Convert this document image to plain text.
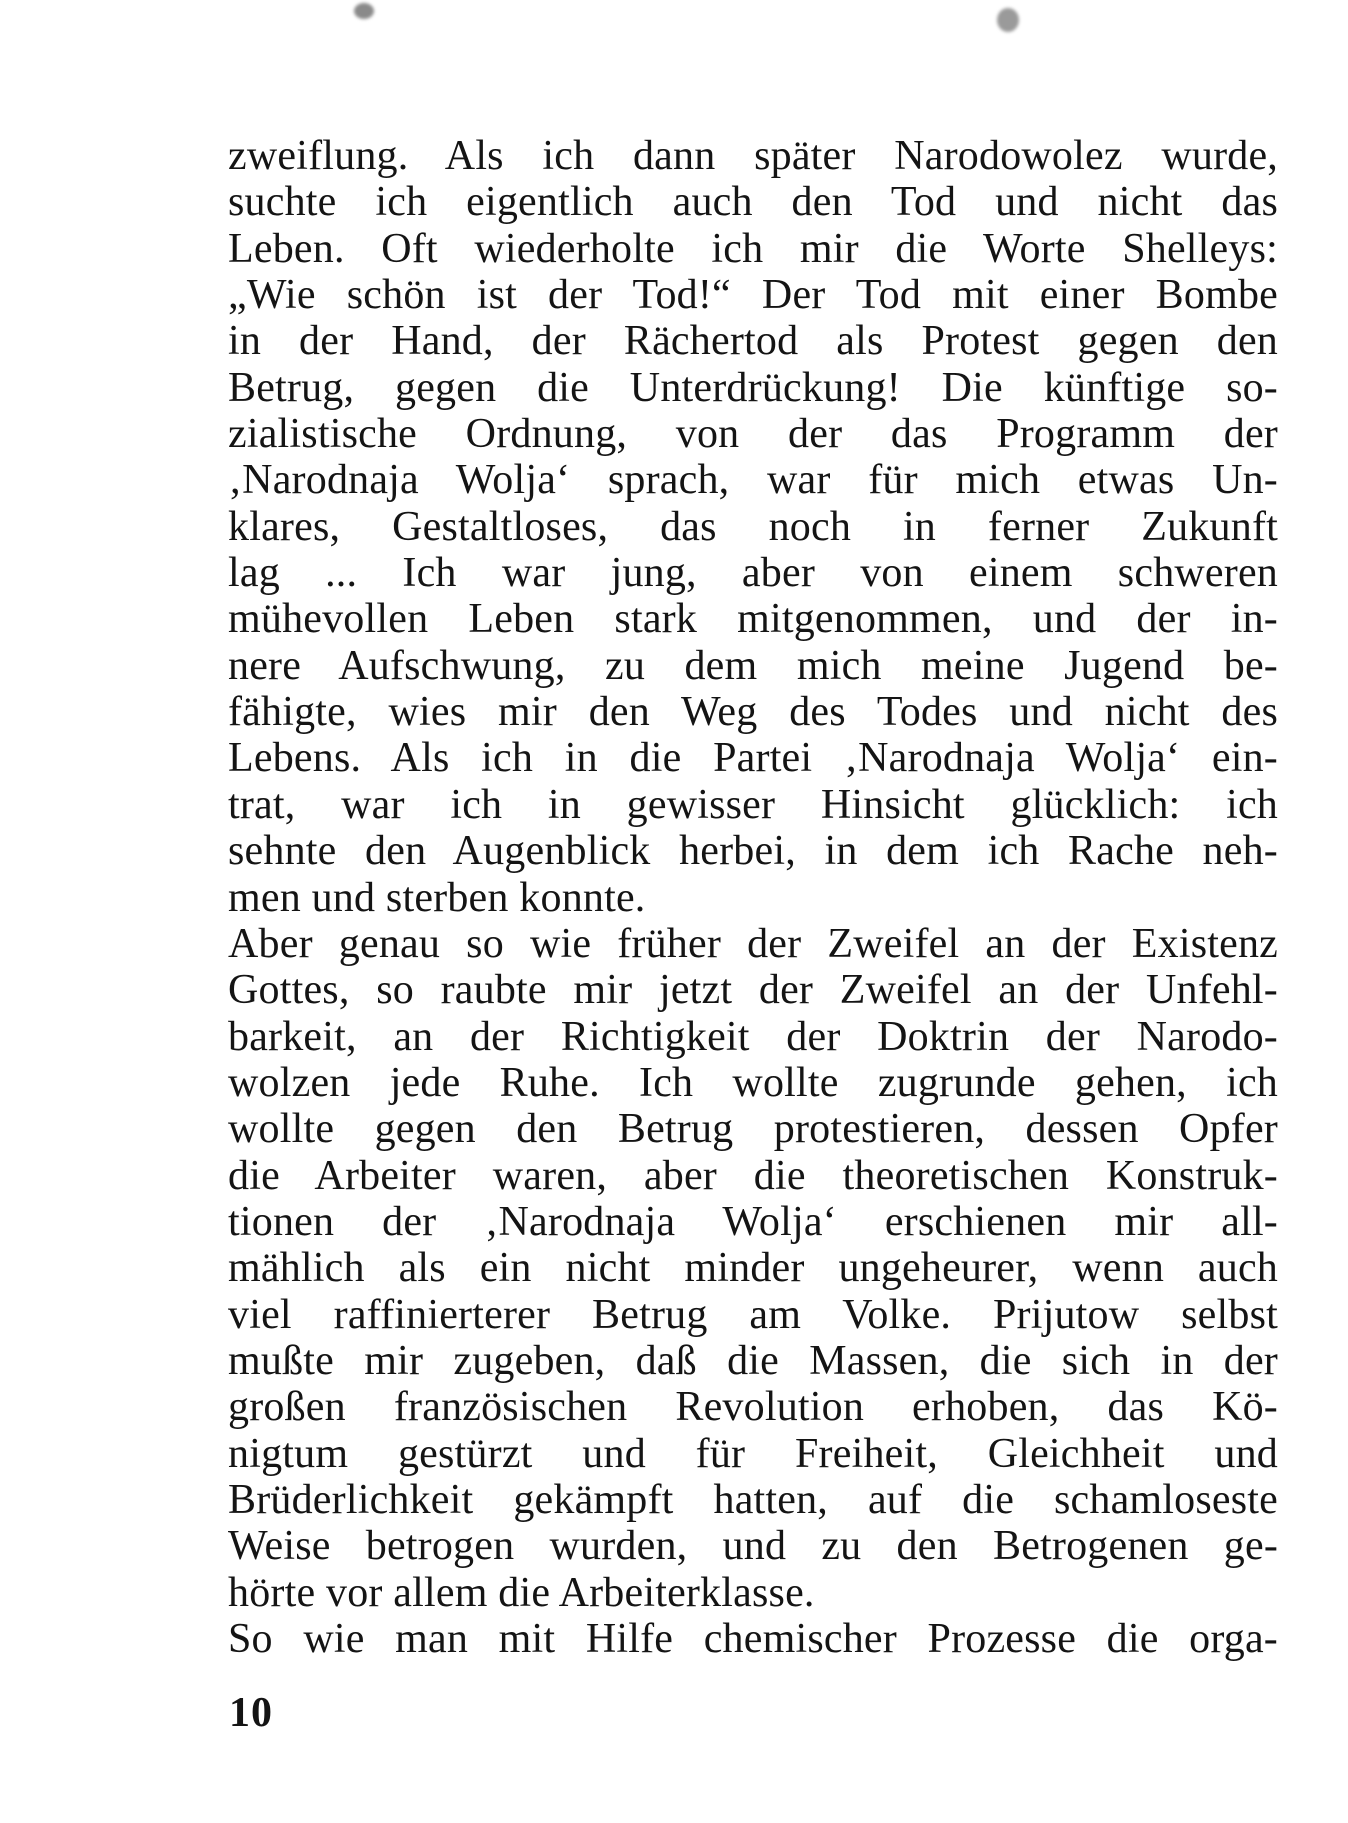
zweiflung. Als ich dann später Narodowolez wurde,
suchte ich eigentlich auch den Tod und nicht das
Leben. Oft wiederholte ich mir die Worte Shelleys:
„Wie schön ist der Tod!“ Der Tod mit einer Bombe
in der Hand, der Rächertod als Protest gegen den
Betrug, gegen die Unterdrückung! Die künftige so-
zialistische Ordnung, von der das Programm der
‚Narodnaja Wolja‘ sprach, war für mich etwas Un-
klares, Gestaltloses, das noch in ferner Zukunft
lag ... Ich war jung, aber von einem schweren
mühevollen Leben stark mitgenommen, und der in-
nere Aufschwung, zu dem mich meine Jugend be-
fähigte, wies mir den Weg des Todes und nicht des
Lebens. Als ich in die Partei ‚Narodnaja Wolja‘ ein-
trat, war ich in gewisser Hinsicht glücklich: ich
sehnte den Augenblick herbei, in dem ich Rache neh-
men und sterben konnte.
Aber genau so wie früher der Zweifel an der Existenz
Gottes, so raubte mir jetzt der Zweifel an der Unfehl-
barkeit, an der Richtigkeit der Doktrin der Narodo-
wolzen jede Ruhe. Ich wollte zugrunde gehen, ich
wollte gegen den Betrug protestieren, dessen Opfer
die Arbeiter waren, aber die theoretischen Konstruk-
tionen der ‚Narodnaja Wolja‘ erschienen mir all-
mählich als ein nicht minder ungeheurer, wenn auch
viel raffinierterer Betrug am Volke. Prijutow selbst
mußte mir zugeben, daß die Massen, die sich in der
großen französischen Revolution erhoben, das Kö-
nigtum gestürzt und für Freiheit, Gleichheit und
Brüderlichkeit gekämpft hatten, auf die schamloseste
Weise betrogen wurden, und zu den Betrogenen ge-
hörte vor allem die Arbeiterklasse.
So wie man mit Hilfe chemischer Prozesse die orga-
10
